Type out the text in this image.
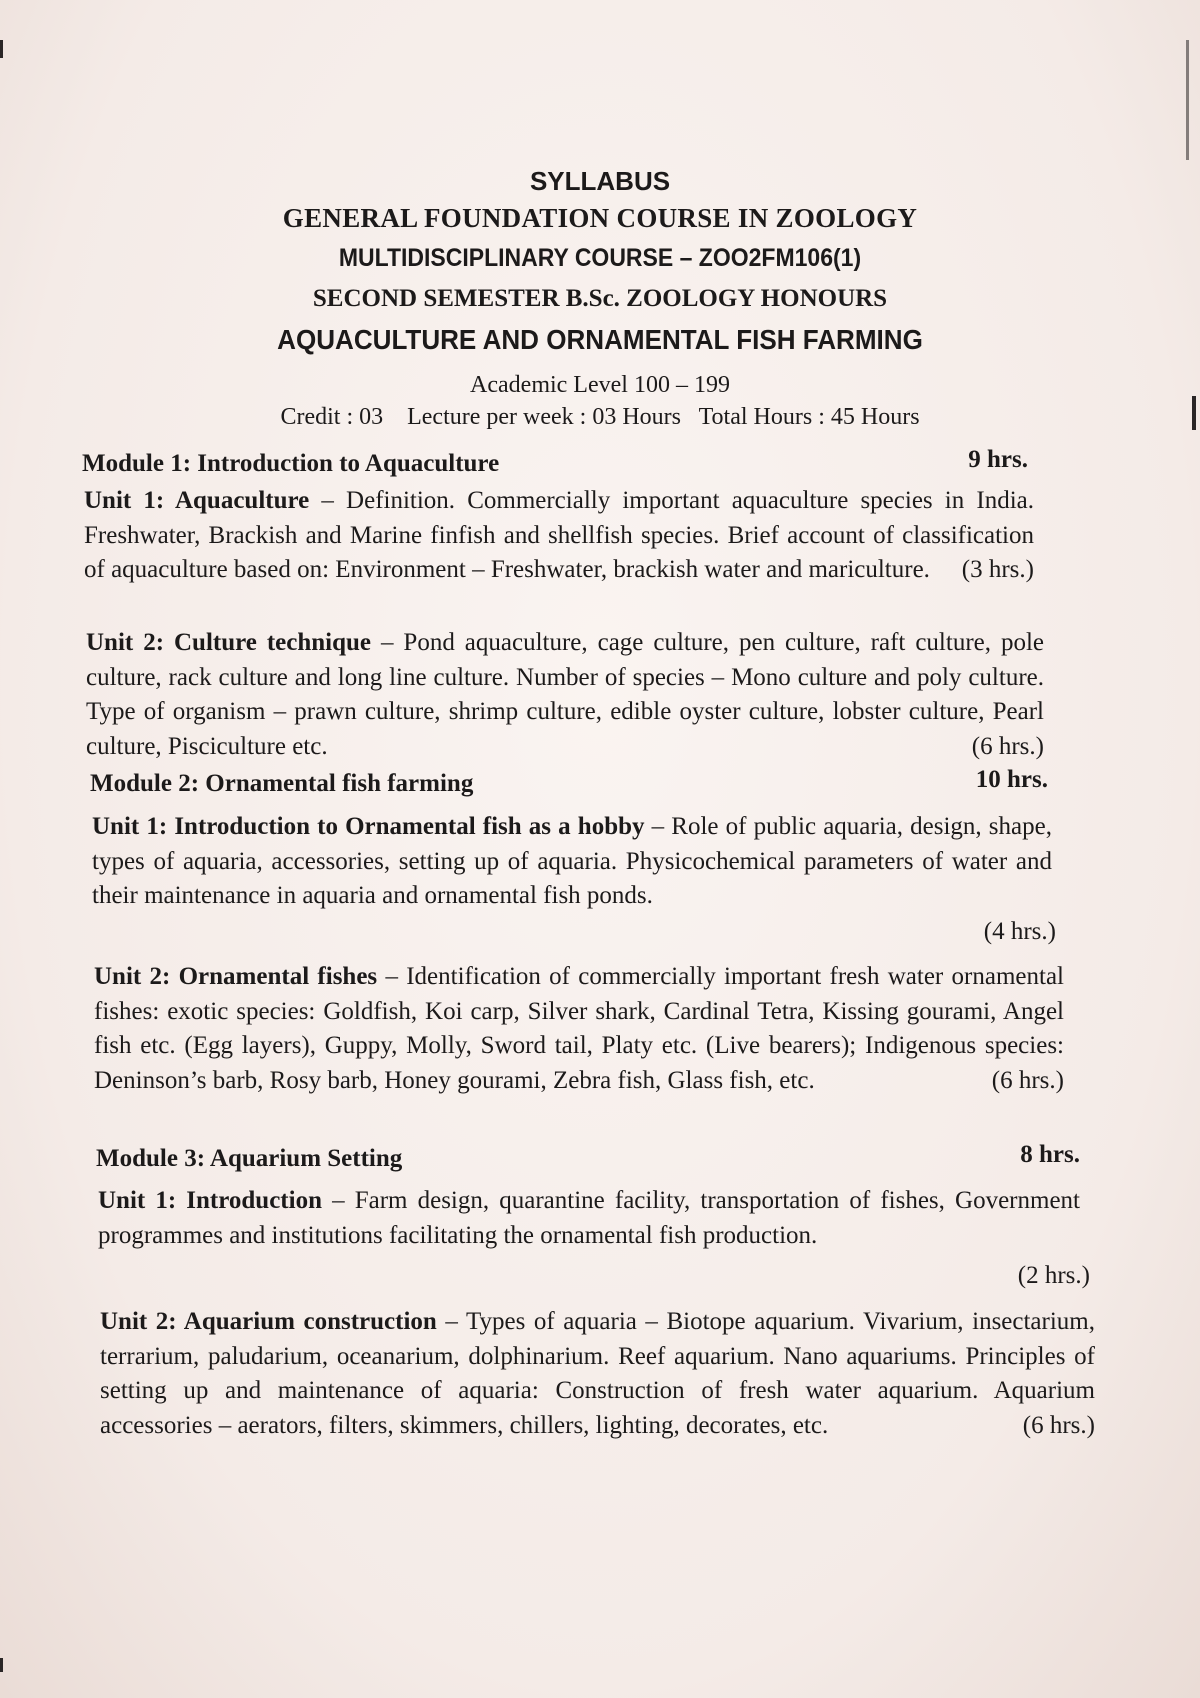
SYLLABUS
GENERAL FOUNDATION COURSE IN ZOOLOGY
MULTIDISCIPLINARY COURSE – ZOO2FM106(1)
SECOND SEMESTER B.Sc. ZOOLOGY HONOURS
AQUACULTURE AND ORNAMENTAL FISH FARMING
Academic Level 100 – 199
Credit : 03    Lecture per week : 03 Hours   Total Hours : 45 Hours
Module 1: Introduction to Aquaculture	9 hrs.
Unit 1: Aquaculture – Definition. Commercially important aquaculture species in India. Freshwater, Brackish and Marine finfish and shellfish species. Brief account of classification of aquaculture based on: Environment – Freshwater, brackish water and mariculture. (3 hrs.)
Unit 2: Culture technique – Pond aquaculture, cage culture, pen culture, raft culture, pole culture, rack culture and long line culture. Number of species – Mono culture and poly culture. Type of organism – prawn culture, shrimp culture, edible oyster culture, lobster culture, Pearl culture, Pisciculture etc.	(6 hrs.)
Module 2: Ornamental fish farming	10 hrs.
Unit 1: Introduction to Ornamental fish as a hobby – Role of public aquaria, design, shape, types of aquaria, accessories, setting up of aquaria. Physicochemical parameters of water and their maintenance in aquaria and ornamental fish ponds.
(4 hrs.)
Unit 2: Ornamental fishes – Identification of commercially important fresh water ornamental fishes: exotic species: Goldfish, Koi carp, Silver shark, Cardinal Tetra, Kissing gourami, Angel fish etc. (Egg layers), Guppy, Molly, Sword tail, Platy etc. (Live bearers); Indigenous species: Deninson’s barb, Rosy barb, Honey gourami, Zebra fish, Glass fish, etc.	(6 hrs.)
Module 3: Aquarium Setting	8 hrs.
Unit 1: Introduction – Farm design, quarantine facility, transportation of fishes, Government programmes and institutions facilitating the ornamental fish production.
(2 hrs.)
Unit 2: Aquarium construction – Types of aquaria – Biotope aquarium. Vivarium, insectarium, terrarium, paludarium, oceanarium, dolphinarium. Reef aquarium. Nano aquariums. Principles of setting up and maintenance of aquaria: Construction of fresh water aquarium. Aquarium accessories – aerators, filters, skimmers, chillers, lighting, decorates, etc.	(6 hrs.)
